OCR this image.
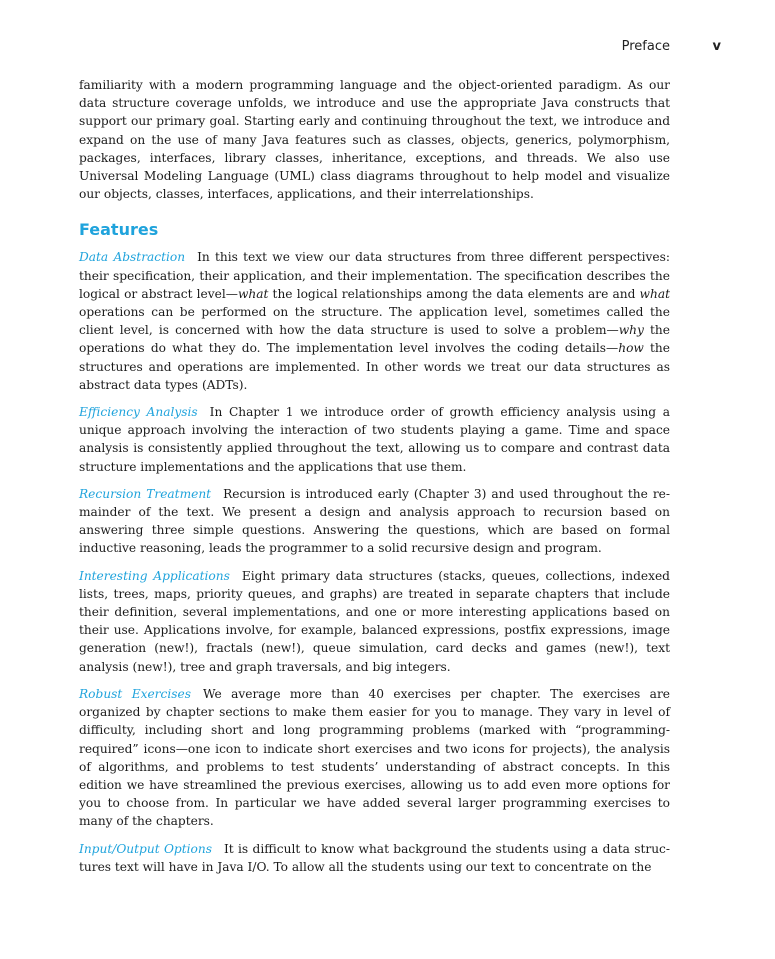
Preface	v

familiarity with a modern programming language and the object-oriented paradigm. As our data structure coverage unfolds, we introduce and use the appropriate Java constructs that support our primary goal. Starting early and continuing throughout the text, we introduce and expand on the use of many Java features such as classes, objects, generics, polymorphism, packages, interfaces, library classes, inheritance, exceptions, and threads. We also use Universal Modeling Language (UML) class diagrams throughout to help model and visualize our objects, classes, interfaces, applications, and their interrelationships.

Features

Data Abstraction In this text we view our data structures from three different perspectives: their specification, their application, and their implementation. The specification describes the logical or abstract level—what the logical relationships among the data elements are and what operations can be performed on the structure. The application level, sometimes called the client level, is concerned with how the data structure is used to solve a problem—why the operations do what they do. The implementation level involves the coding details—how the structures and operations are implemented. In other words we treat our data structures as abstract data types (ADTs).

Efficiency Analysis In Chapter 1 we introduce order of growth efficiency analysis using a unique approach involving the interaction of two students playing a game. Time and space analysis is consistently applied throughout the text, allowing us to compare and contrast data structure implementations and the applications that use them.

Recursion Treatment Recursion is introduced early (Chapter 3) and used throughout the remainder of the text. We present a design and analysis approach to recursion based on answering three simple questions. Answering the questions, which are based on formal inductive reasoning, leads the programmer to a solid recursive design and program.

Interesting Applications Eight primary data structures (stacks, queues, collections, indexed lists, trees, maps, priority queues, and graphs) are treated in separate chapters that include their definition, several implementations, and one or more interesting applications based on their use. Applications involve, for example, balanced expressions, postfix expressions, image generation (new!), fractals (new!), queue simulation, card decks and games (new!), text analysis (new!), tree and graph traversals, and big integers.

Robust Exercises We average more than 40 exercises per chapter. The exercises are organized by chapter sections to make them easier for you to manage. They vary in level of difficulty, including short and long programming problems (marked with “programming-required” icons—one icon to indicate short exercises and two icons for projects), the analysis of algorithms, and problems to test students’ understanding of abstract concepts. In this edition we have streamlined the previous exercises, allowing us to add even more options for you to choose from. In particular we have added several larger programming exercises to many of the chapters.

Input/Output Options It is difficult to know what background the students using a data structures text will have in Java I/O. To allow all the students using our text to concentrate on the
